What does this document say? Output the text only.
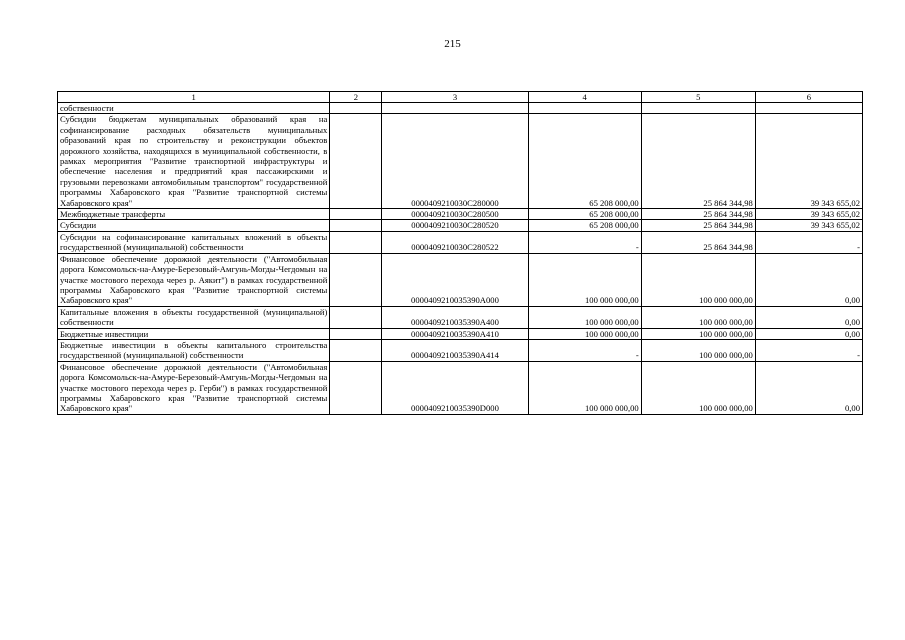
215
1	2	3	4	5	6
собственности					
Субсидии бюджетам муниципальных образований края на софинансирование расходных обязательств муниципальных образований края по строительству и реконструкции объектов дорожного хозяйства, находящихся в муниципальной собственности, в рамках мероприятия "Развитие транспортной инфраструктуры и обеспечение населения и предприятий края пассажирскими и грузовыми перевозками автомобильным транспортом" государственной программы Хабаровского края "Развитие транспортной системы Хабаровского края"		0000409210030C280000	65 208 000,00	25 864 344,98	39 343 655,02
Межбюджетные трансферты		0000409210030C280500	65 208 000,00	25 864 344,98	39 343 655,02
Субсидии		0000409210030C280520	65 208 000,00	25 864 344,98	39 343 655,02
Субсидии на софинансирование капитальных вложений в объекты государственной (муниципальной) собственности		0000409210030C280522	-	25 864 344,98	-
Финансовое обеспечение дорожной деятельности ("Автомобильная дорога Комсомольск-на-Амуре-Березовый-Амгунь-Могды-Чегдомын на участке мостового перехода через р. Аякит") в рамках государственной программы Хабаровского края "Развитие транспортной системы Хабаровского края"		0000409210035390A000	100 000 000,00	100 000 000,00	0,00
Капитальные вложения в объекты государственной (муниципальной) собственности		0000409210035390A400	100 000 000,00	100 000 000,00	0,00
Бюджетные инвестиции		0000409210035390A410	100 000 000,00	100 000 000,00	0,00
Бюджетные инвестиции в объекты капитального строительства государственной (муниципальной) собственности		0000409210035390A414	-	100 000 000,00	-
Финансовое обеспечение дорожной деятельности ("Автомобильная дорога Комсомольск-на-Амуре-Березовый-Амгунь-Могды-Чегдомын на участке мостового перехода через р. Герби") в рамках государственной программы Хабаровского края "Развитие транспортной системы Хабаровского края"		0000409210035390D000	100 000 000,00	100 000 000,00	0,00
